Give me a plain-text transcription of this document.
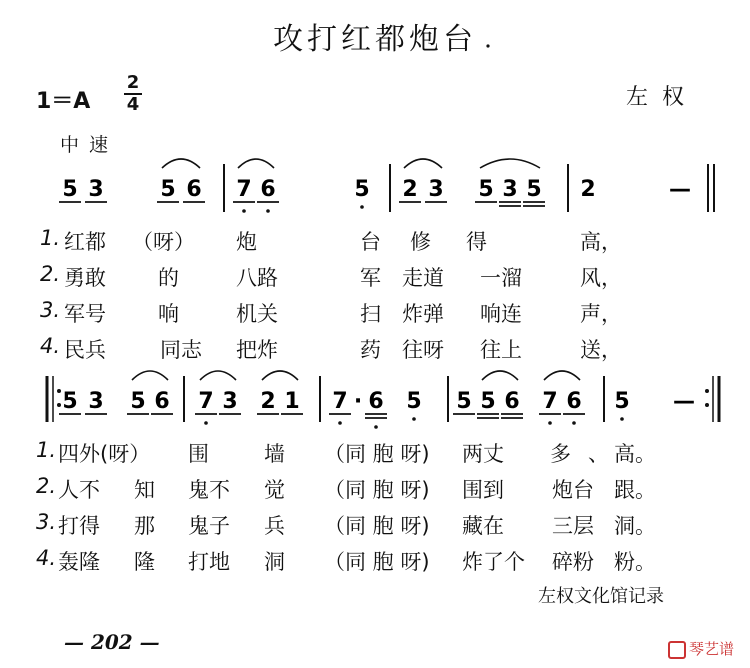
攻打红都炮台
1＝A
2
4	左权
中速
5 3	5 6 7 6	5 2 3 5 3 5 2	—
5 3 5 6 7 3 2 1 7 · 6 5 5 5 6 7 6 5 —
1. 红都 （呀） 炮	台 修 得	高，
2. 勇敢 的	八路	军 走道 一溜	风，
3. 军号 响	机关	扫 炸弹 响连	声，
4. 民兵	同志 把炸	药 往呀 往上	送，
1. 四外(呀） 围	墙 （同 胞 呀) 两丈 多 、 高。
2. 人不 知 鬼不 觉 （同 胞 呀) 围到 炮台 跟。
3. 打得 那 鬼子 兵 （同 胞 呀) 藏在 三层 洞。
4. 轰隆 隆 打地 洞 （同 胞 呀) 炸了个 碎粉 粉。
左权文化馆记录
— 202 —	琴艺谱
